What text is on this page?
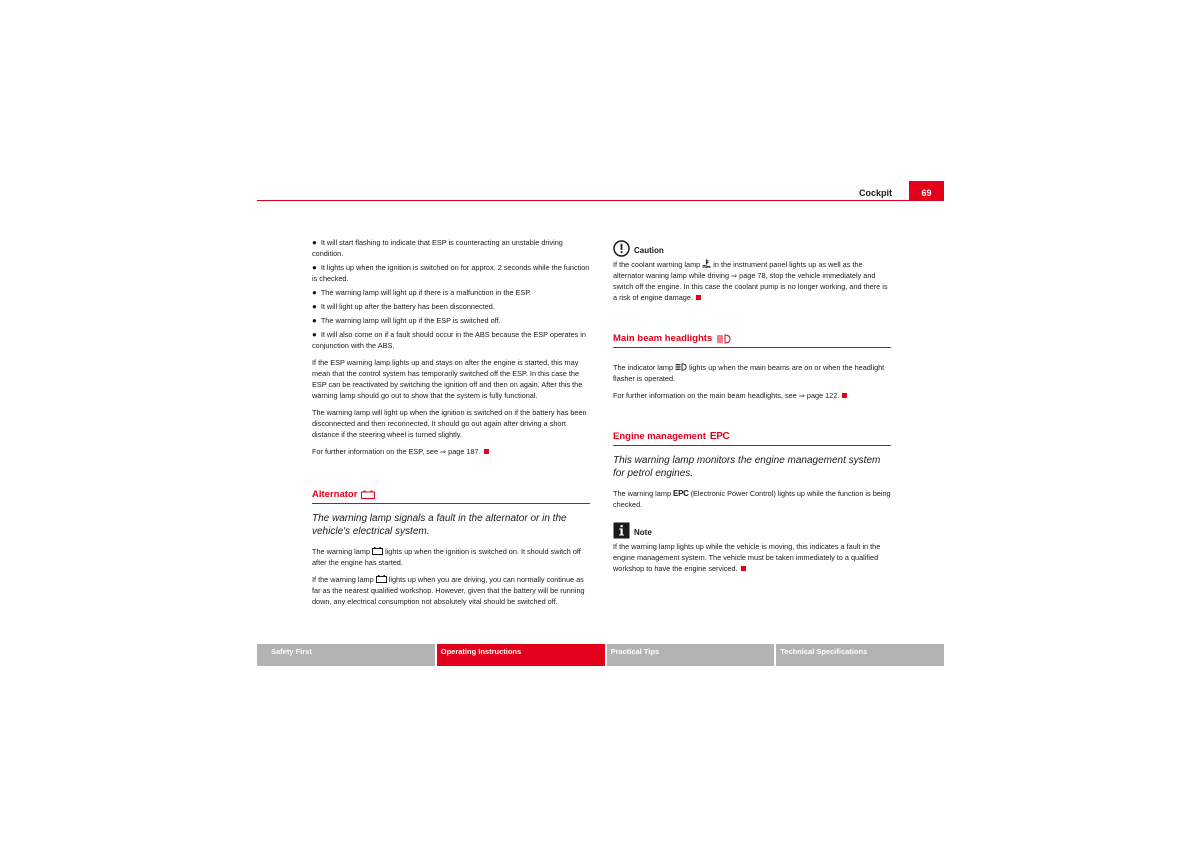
Cockpit	69

● It will start flashing to indicate that ESP is counteracting an unstable driving condition.

● It lights up when the ignition is switched on for approx. 2 seconds while the function is checked.

● The warning lamp will light up if there is a malfunction in the ESP.

● It will light up after the battery has been disconnected.

● The warning lamp will light up if the ESP is switched off.

● It will also come on if a fault should occur in the ABS because the ESP operates in conjunction with the ABS.

If the ESP warning lamp lights up and stays on after the engine is started, this may mean that the control system has temporarily switched off the ESP. In this case the ESP can be reactivated by switching the ignition off and then on again. After this the warning lamp should go out to show that the system is fully functional.

The warning lamp will light up when the ignition is switched on if the battery has been disconnected and then reconnected. It should go out again after driving a short distance if the steering wheel is turned slightly.

For further information on the ESP, see ⇒ page 187.

Alternator

The warning lamp signals a fault in the alternator or in the vehicle's electrical system.

The warning lamp lights up when the ignition is switched on. It should switch off after the engine has started.

If the warning lamp lights up when you are driving, you can normally continue as far as the nearest qualified workshop. However, given that the battery will be running down, any electrical consumption not absolutely vital should be switched off.

Caution

If the coolant warning lamp in the instrument panel lights up as well as the alternator waning lamp while driving ⇒ page 78, stop the vehicle immediately and switch off the engine. In this case the coolant pump is no longer working, and there is a risk of engine damage.

Main beam headlights

The indicator lamp lights up when the main beams are on or when the headlight flasher is operated.

For further information on the main beam headlights, see ⇒ page 122.

Engine management EPC

This warning lamp monitors the engine management system for petrol engines.

The warning lamp EPC (Electronic Power Control) lights up while the function is being checked.

Note

If the warning lamp lights up while the vehicle is moving, this indicates a fault in the engine management system. The vehicle must be taken immediately to a qualified workshop to have the engine serviced.

Safety First	Operating Instructions	Practical Tips	Technical Specifications
